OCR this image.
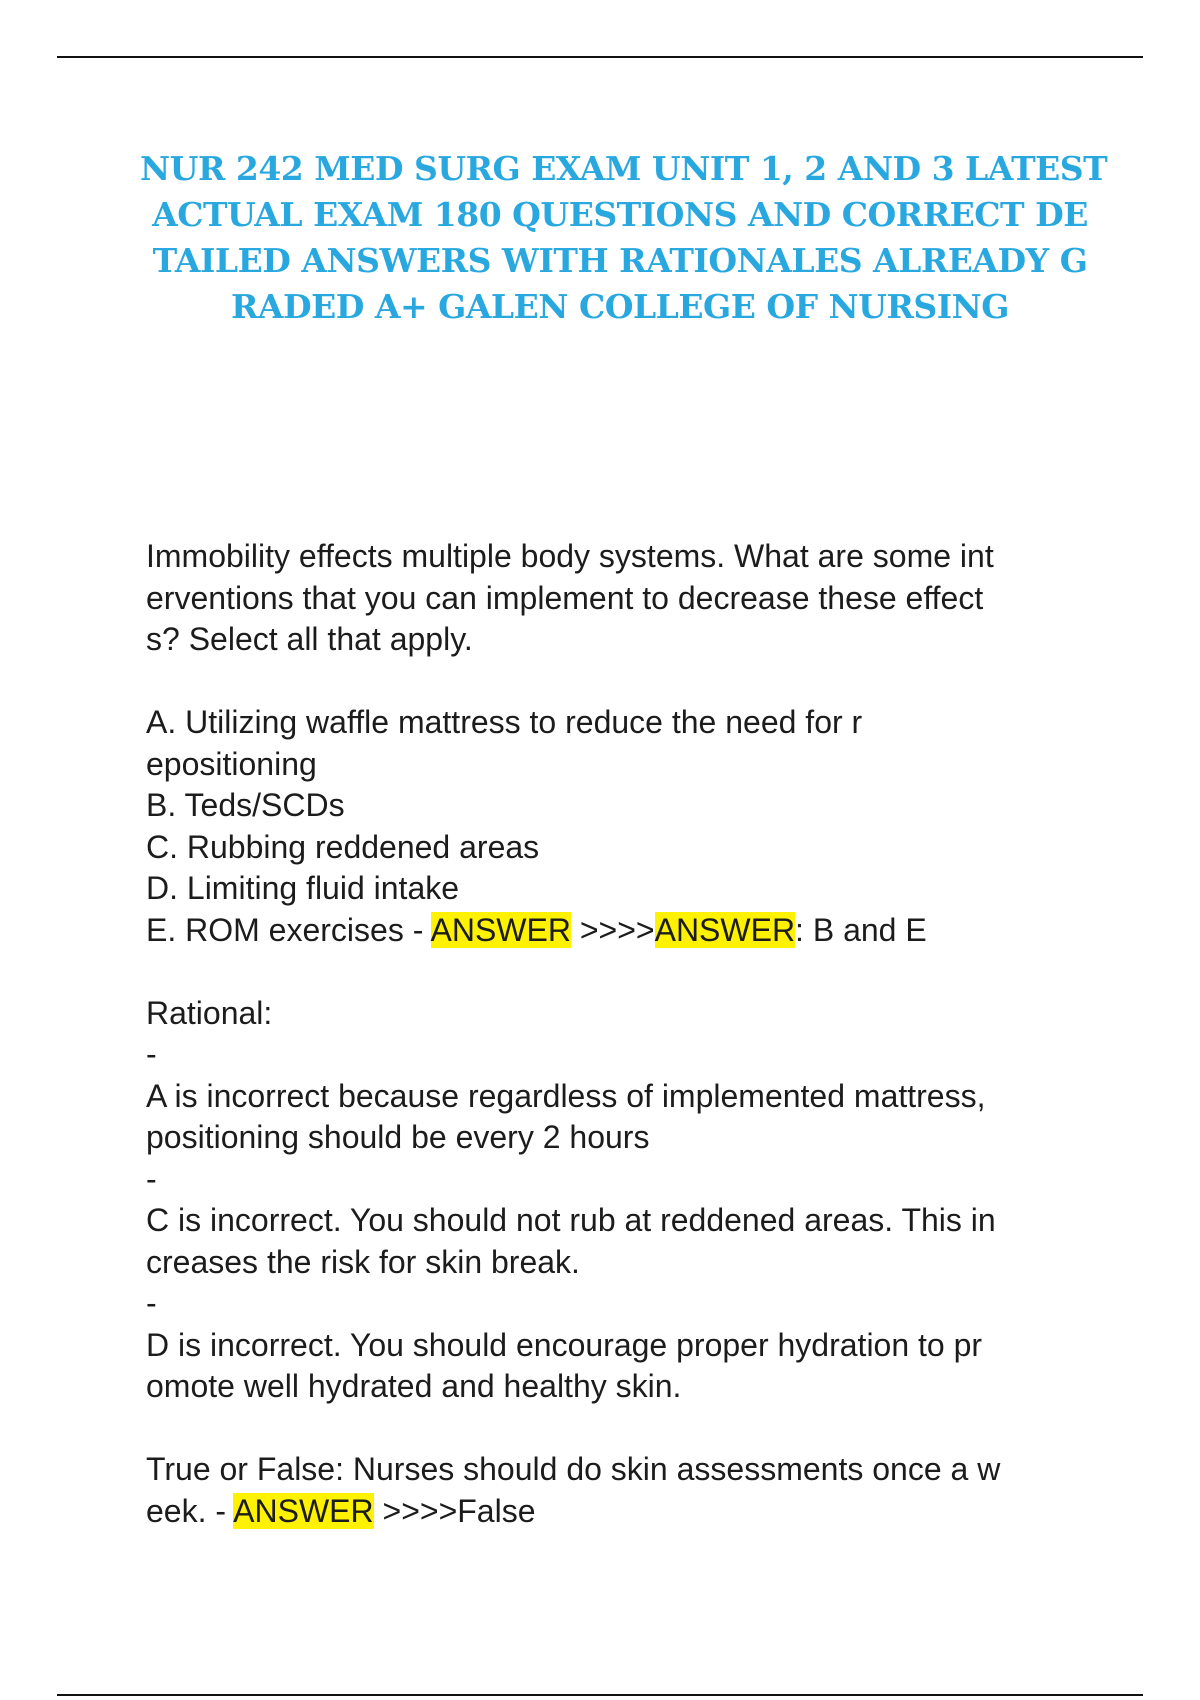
NUR 242 MED SURG EXAM UNIT 1, 2 AND 3 LATEST
ACTUAL EXAM 180 QUESTIONS AND CORRECT DE
TAILED ANSWERS WITH RATIONALES ALREADY G
RADED A+ GALEN COLLEGE OF NURSING
Immobility effects multiple body systems. What are some int
erventions that you can implement to decrease these effect
s? Select all that apply.
A. Utilizing waffle mattress to reduce the need for r
epositioning
B. Teds/SCDs
C. Rubbing reddened areas
D. Limiting fluid intake
E. ROM exercises - ANSWER >>>>ANSWER: B and E
Rational:
-
A is incorrect because regardless of implemented mattress,
positioning should be every 2 hours
-
C is incorrect. You should not rub at reddened areas. This in
creases the risk for skin break.
-
D is incorrect. You should encourage proper hydration to pr
omote well hydrated and healthy skin.
True or False: Nurses should do skin assessments once a w
eek. - ANSWER >>>>False
